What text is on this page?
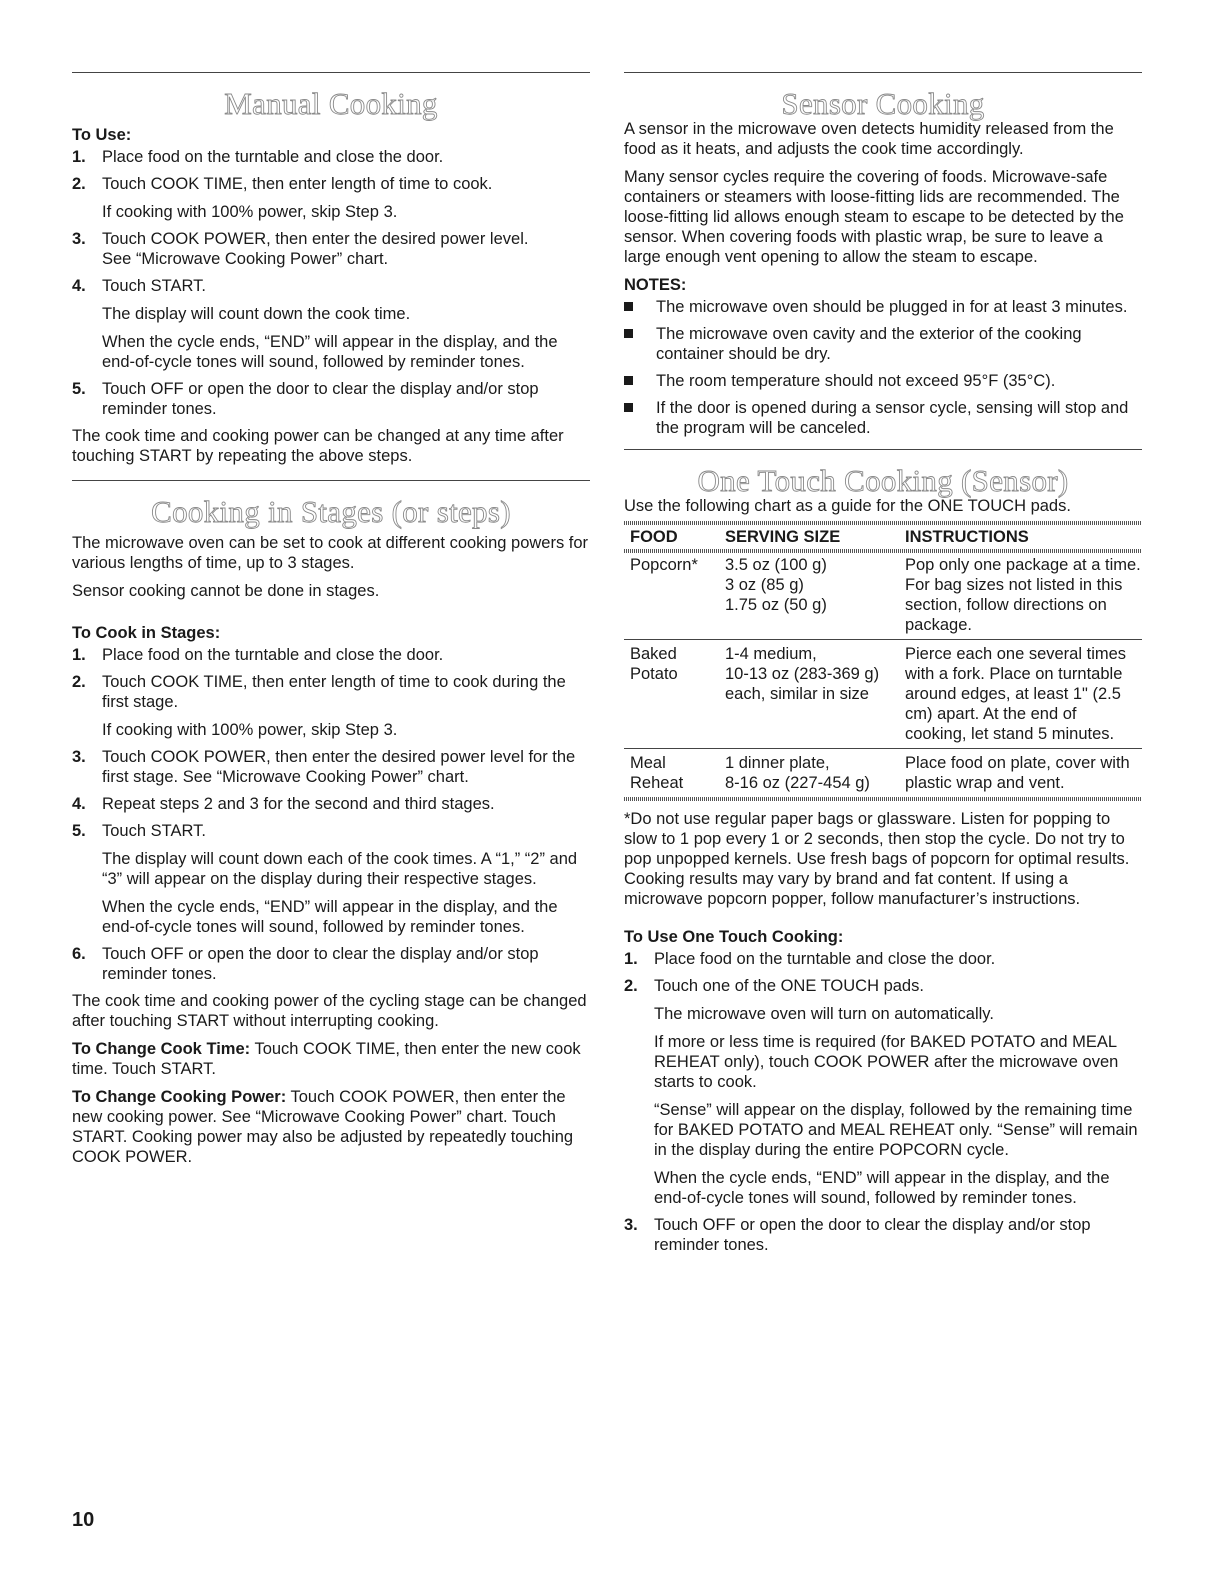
Manual Cooking
To Use:
1. Place food on the turntable and close the door.
2. Touch COOK TIME, then enter length of time to cook.
If cooking with 100% power, skip Step 3.
3. Touch COOK POWER, then enter the desired power level.
See “Microwave Cooking Power” chart.
4. Touch START.
The display will count down the cook time.
When the cycle ends, “END” will appear in the display, and the end-of-cycle tones will sound, followed by reminder tones.
5. Touch OFF or open the door to clear the display and/or stop reminder tones.

The cook time and cooking power can be changed at any time after touching START by repeating the above steps.

Cooking in Stages (or steps)

The microwave oven can be set to cook at different cooking powers for various lengths of time, up to 3 stages.

Sensor cooking cannot be done in stages.

To Cook in Stages:
1. Place food on the turntable and close the door.
2. Touch COOK TIME, then enter length of time to cook during the first stage.
If cooking with 100% power, skip Step 3.
3. Touch COOK POWER, then enter the desired power level for the first stage. See “Microwave Cooking Power” chart.
4. Repeat steps 2 and 3 for the second and third stages.
5. Touch START.
The display will count down each of the cook times. A “1,” “2” and “3” will appear on the display during their respective stages.
When the cycle ends, “END” will appear in the display, and the end-of-cycle tones will sound, followed by reminder tones.
6. Touch OFF or open the door to clear the display and/or stop reminder tones.

The cook time and cooking power of the cycling stage can be changed after touching START without interrupting cooking.

To Change Cook Time: Touch COOK TIME, then enter the new cook time. Touch START.

To Change Cooking Power: Touch COOK POWER, then enter the new cooking power. See “Microwave Cooking Power” chart. Touch START. Cooking power may also be adjusted by repeatedly touching COOK POWER.

Sensor Cooking

A sensor in the microwave oven detects humidity released from the food as it heats, and adjusts the cook time accordingly.

Many sensor cycles require the covering of foods. Microwave-safe containers or steamers with loose-fitting lids are recommended. The loose-fitting lid allows enough steam to escape to be detected by the sensor. When covering foods with plastic wrap, be sure to leave a large enough vent opening to allow the steam to escape.

NOTES:
The microwave oven should be plugged in for at least 3 minutes.
The microwave oven cavity and the exterior of the cooking container should be dry.
The room temperature should not exceed 95°F (35°C).
If the door is opened during a sensor cycle, sensing will stop and the program will be canceled.
One Touch Cooking (Sensor)

Use the following chart as a guide for the ONE TOUCH pads.

FOOD	SERVING SIZE	INSTRUCTIONS

Popcorn*	3.5 oz (100 g)
3 oz (85 g)
1.75 oz (50 g)	Pop only one package at a time. For bag sizes not listed in this section, follow directions on package.
Baked
Potato	1-4 medium,
10-13 oz (283-369 g)
each, similar in size	Pierce each one several times with a fork. Place on turntable around edges, at least 1" (2.5 cm) apart. At the end of cooking, let stand 5 minutes.
Meal
Reheat	1 dinner plate,
8-16 oz (227-454 g)	Place food on plate, cover with plastic wrap and vent.

*Do not use regular paper bags or glassware. Listen for popping to slow to 1 pop every 1 or 2 seconds, then stop the cycle. Do not try to pop unpopped kernels. Use fresh bags of popcorn for optimal results. Cooking results may vary by brand and fat content. If using a microwave popcorn popper, follow manufacturer’s instructions.

To Use One Touch Cooking:
1. Place food on the turntable and close the door.
2. Touch one of the ONE TOUCH pads.
The microwave oven will turn on automatically.
If more or less time is required (for BAKED POTATO and MEAL REHEAT only), touch COOK POWER after the microwave oven starts to cook.
“Sense” will appear on the display, followed by the remaining time for BAKED POTATO and MEAL REHEAT only. “Sense” will remain in the display during the entire POPCORN cycle.
When the cycle ends, “END” will appear in the display, and the end-of-cycle tones will sound, followed by reminder tones.
3. Touch OFF or open the door to clear the display and/or stop reminder tones.
10
